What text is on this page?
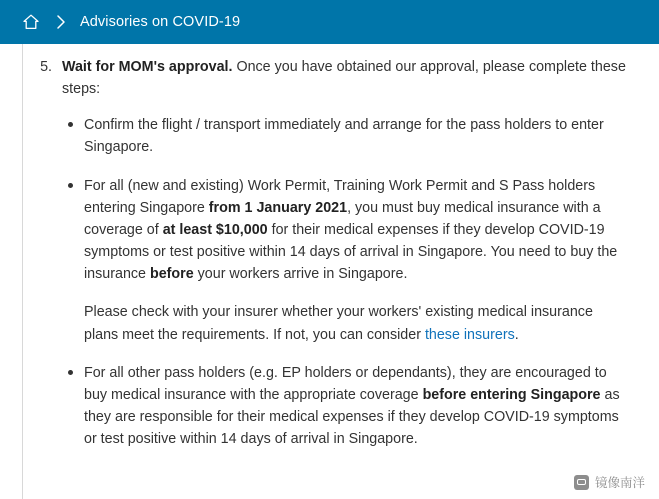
Advisories on COVID-19

5. Wait for MOM's approval. Once you have obtained our approval, please complete these steps:

Confirm the flight / transport immediately and arrange for the pass holders to enter Singapore.
For all (new and existing) Work Permit, Training Work Permit and S Pass holders entering Singapore from 1 January 2021, you must buy medical insurance with a coverage of at least $10,000 for their medical expenses if they develop COVID-19 symptoms or test positive within 14 days of arrival in Singapore. You need to buy the insurance before your workers arrive in Singapore.
Please check with your insurer whether your workers' existing medical insurance plans meet the requirements. If not, you can consider these insurers.
For all other pass holders (e.g. EP holders or dependants), they are encouraged to buy medical insurance with the appropriate coverage before entering Singapore as they are responsible for their medical expenses if they develop COVID-19 symptoms or test positive within 14 days of arrival in Singapore.
镜像南洋
